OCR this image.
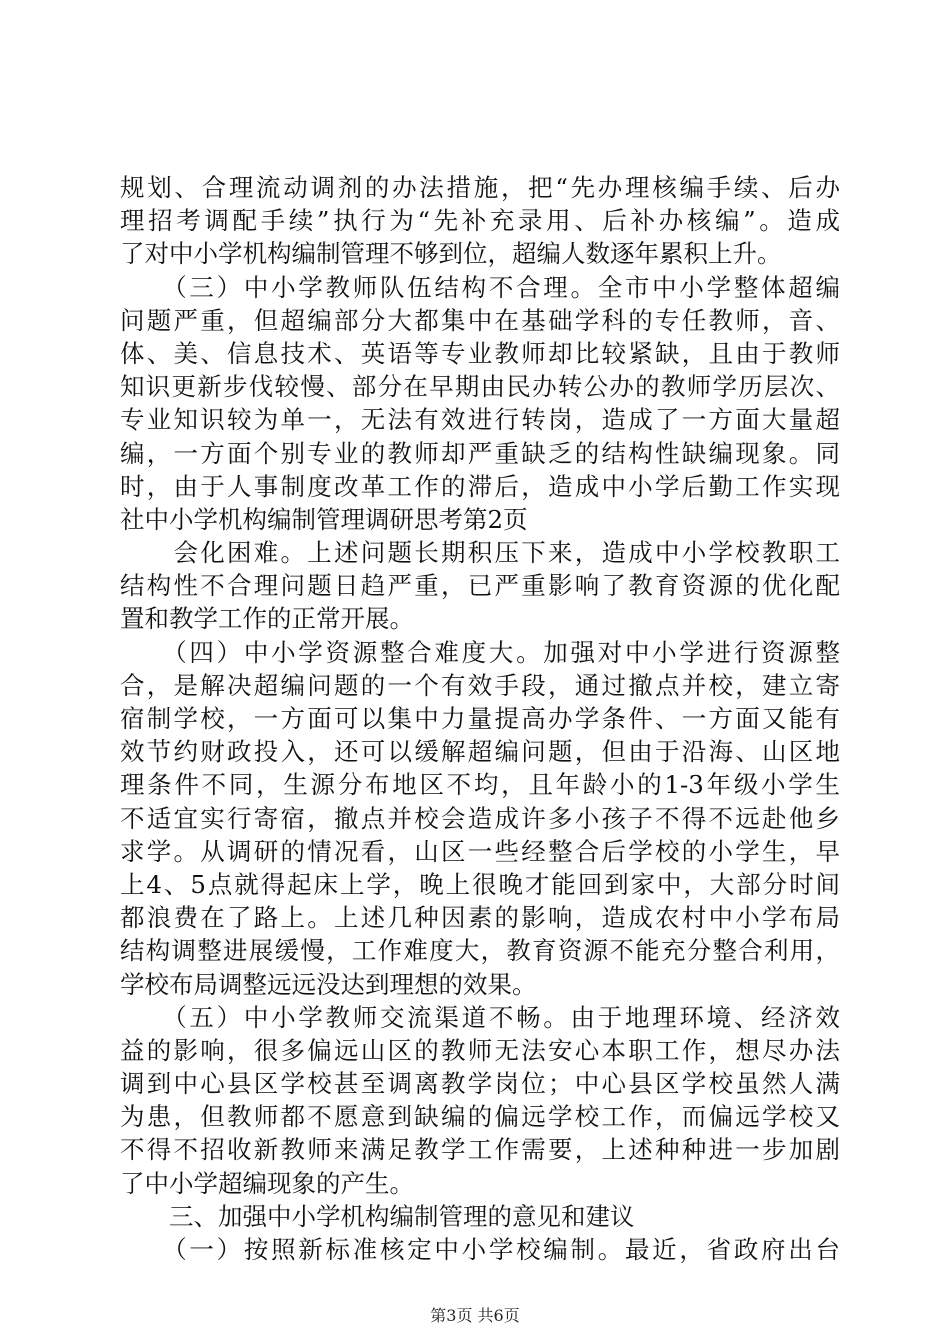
规划、合理流动调剂的办法措施，把“先办理核编手续、后办
理招考调配手续”执行为“先补充录用、后补办核编”。造成
了对中小学机构编制管理不够到位，超编人数逐年累积上升。
　　（三）中小学教师队伍结构不合理。全市中小学整体超编
问题严重，但超编部分大都集中在基础学科的专任教师，音、
体、美、信息技术、英语等专业教师却比较紧缺，且由于教师
知识更新步伐较慢、部分在早期由民办转公办的教师学历层次、
专业知识较为单一，无法有效进行转岗，造成了一方面大量超
编，一方面个别专业的教师却严重缺乏的结构性缺编现象。同
时，由于人事制度改革工作的滞后，造成中小学后勤工作实现
社中小学机构编制管理调研思考第2页
　　会化困难。上述问题长期积压下来，造成中小学校教职工
结构性不合理问题日趋严重，已严重影响了教育资源的优化配
置和教学工作的正常开展。
　　（四）中小学资源整合难度大。加强对中小学进行资源整
合，是解决超编问题的一个有效手段，通过撤点并校，建立寄
宿制学校，一方面可以集中力量提高办学条件、一方面又能有
效节约财政投入，还可以缓解超编问题，但由于沿海、山区地
理条件不同，生源分布地区不均，且年龄小的1-3年级小学生
不适宜实行寄宿，撤点并校会造成许多小孩子不得不远赴他乡
求学。从调研的情况看，山区一些经整合后学校的小学生，早
上4、5点就得起床上学，晚上很晚才能回到家中，大部分时间
都浪费在了路上。上述几种因素的影响，造成农村中小学布局
结构调整进展缓慢，工作难度大，教育资源不能充分整合利用，
学校布局调整远远没达到理想的效果。
　　（五）中小学教师交流渠道不畅。由于地理环境、经济效
益的影响，很多偏远山区的教师无法安心本职工作，想尽办法
调到中心县区学校甚至调离教学岗位；中心县区学校虽然人满
为患，但教师都不愿意到缺编的偏远学校工作，而偏远学校又
不得不招收新教师来满足教学工作需要，上述种种进一步加剧
了中小学超编现象的产生。
　　三、加强中小学机构编制管理的意见和建议
　　（一）按照新标准核定中小学校编制。最近，省政府出台
第3页 共6页
